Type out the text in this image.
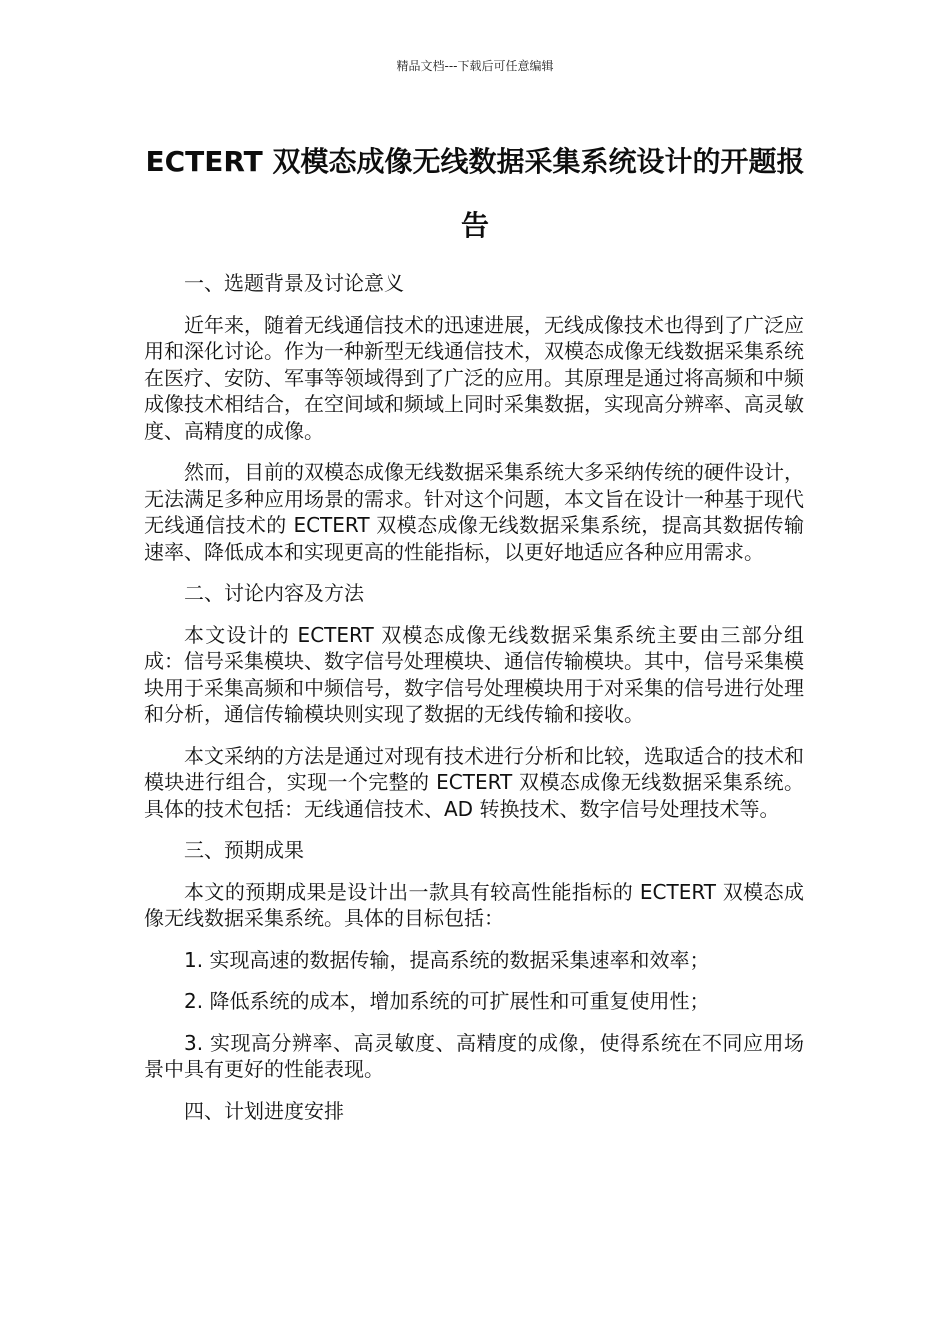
精品文档---下载后可任意编辑
ECTERT 双模态成像无线数据采集系统设计的开题报告

一、选题背景及讨论意义

近年来，随着无线通信技术的迅速进展，无线成像技术也得到了广泛应用和深化讨论。作为一种新型无线通信技术，双模态成像无线数据采集系统在医疗、安防、军事等领域得到了广泛的应用。其原理是通过将高频和中频成像技术相结合，在空间域和频域上同时采集数据，实现高分辨率、高灵敏度、高精度的成像。

然而，目前的双模态成像无线数据采集系统大多采纳传统的硬件设计，无法满足多种应用场景的需求。针对这个问题，本文旨在设计一种基于现代无线通信技术的 ECTERT 双模态成像无线数据采集系统，提高其数据传输速率、降低成本和实现更高的性能指标，以更好地适应各种应用需求。

二、讨论内容及方法

本文设计的 ECTERT 双模态成像无线数据采集系统主要由三部分组成：信号采集模块、数字信号处理模块、通信传输模块。其中，信号采集模块用于采集高频和中频信号，数字信号处理模块用于对采集的信号进行处理和分析，通信传输模块则实现了数据的无线传输和接收。

本文采纳的方法是通过对现有技术进行分析和比较，选取适合的技术和模块进行组合，实现一个完整的 ECTERT 双模态成像无线数据采集系统。具体的技术包括：无线通信技术、AD 转换技术、数字信号处理技术等。

三、预期成果

本文的预期成果是设计出一款具有较高性能指标的 ECTERT 双模态成像无线数据采集系统。具体的目标包括：

1. 实现高速的数据传输，提高系统的数据采集速率和效率；

2. 降低系统的成本，增加系统的可扩展性和可重复使用性；

3. 实现高分辨率、高灵敏度、高精度的成像，使得系统在不同应用场景中具有更好的性能表现。

四、计划进度安排
